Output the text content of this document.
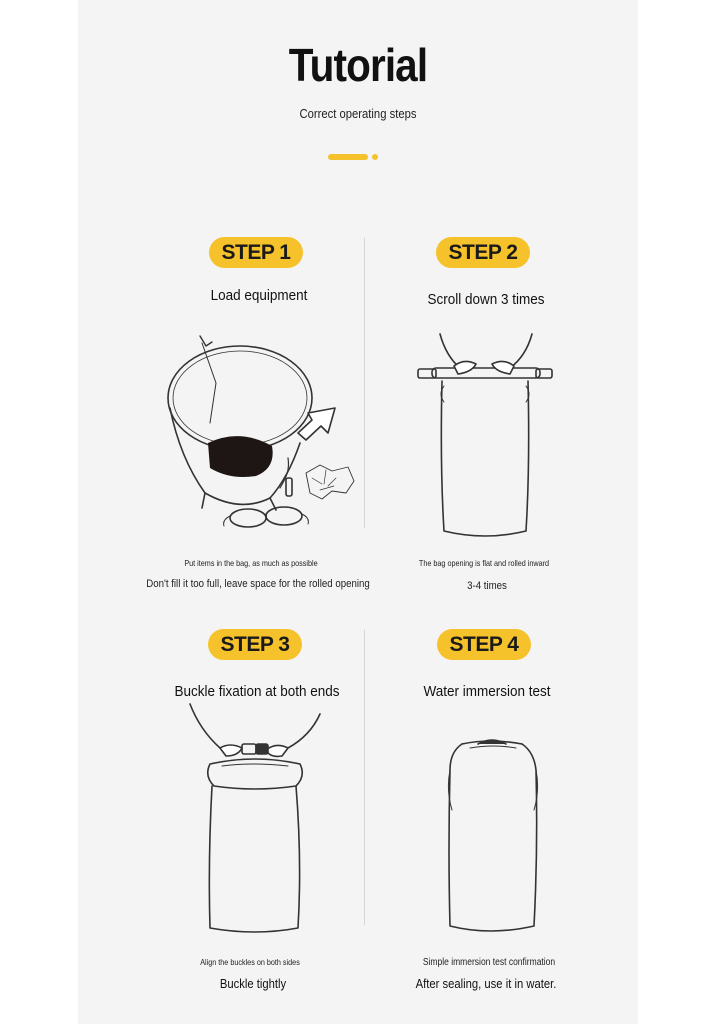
Tutorial
Correct operating steps
STEP 1
Load equipment
Put items in the bag, as much as possible
Don't fill it too full, leave space for the rolled opening
STEP 2
Scroll down 3 times
The bag opening is flat and rolled inward
3-4 times
STEP 3
Buckle fixation at both ends
Align the buckles on both sides
Buckle tightly
STEP 4
Water immersion test
Simple immersion test confirmation
After sealing, use it in water.
